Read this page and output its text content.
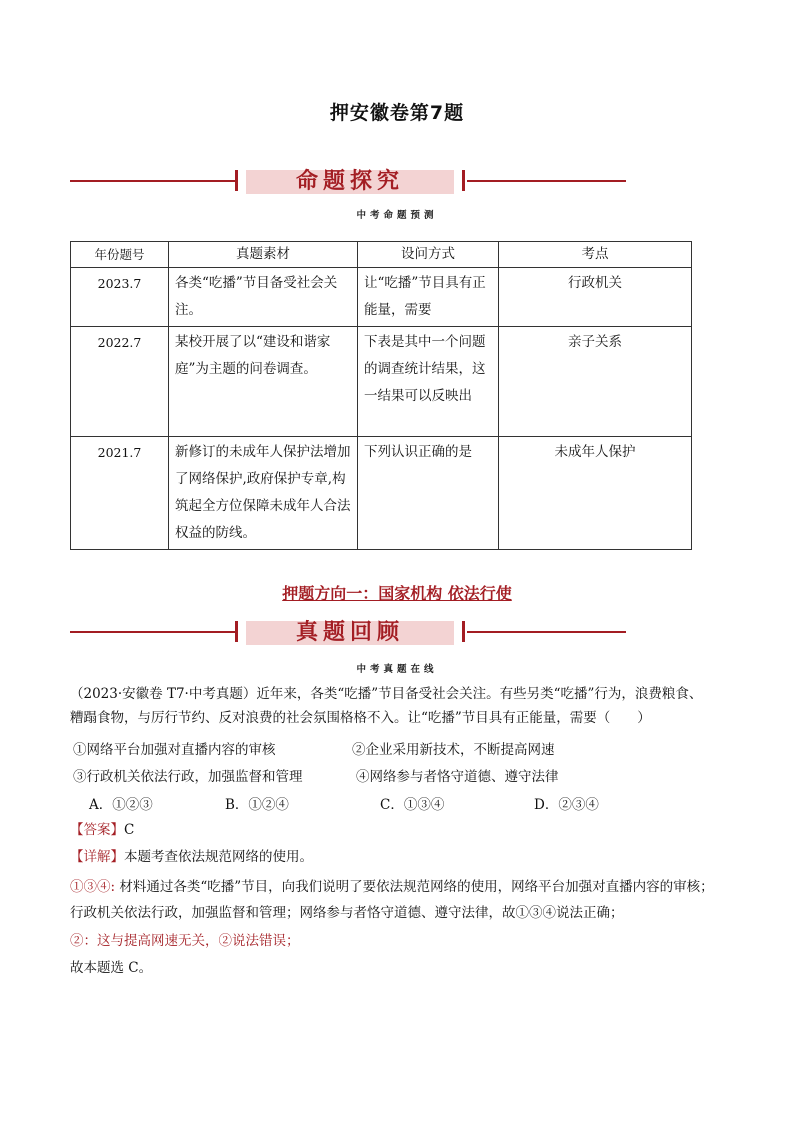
押安徽卷第7题
命题探究
中考命题预测
年份题号	真题素材	设问方式	考点
2023.7	各类“吃播”节目备受社会关注。	让“吃播”节目具有正能量，需要	行政机关
2022.7	某校开展了以“建设和谐家庭”为主题的问卷调查。	下表是其中一个问题的调查统计结果，这一结果可以反映出	亲子关系
2021.7	新修订的未成年人保护法增加了网络保护,政府保护专章,构筑起全方位保障未成年人合法权益的防线。	下列认识正确的是	未成年人保护
押题方向一：国家机构 依法行使
真题回顾
中考真题在线
（2023·安徽卷 T7·中考真题）近年来，各类“吃播”节目备受社会关注。有些另类“吃播”行为，浪费粮食、糟蹋食物，与厉行节约、反对浪费的社会氛围格格不入。让“吃播”节目具有正能量，需要（　　）
①网络平台加强对直播内容的审核	②企业采用新技术，不断提高网速
③行政机关依法行政，加强监督和管理	④网络参与者恪守道德、遵守法律
A．①②③	B．①②④	C．①③④	D．②③④
【答案】C
【详解】本题考查依法规范网络的使用。
①③④: 材料通过各类“吃播”节目，向我们说明了要依法规范网络的使用，网络平台加强对直播内容的审核；行政机关依法行政，加强监督和管理；网络参与者恪守道德、遵守法律，故①③④说法正确；
②：这与提高网速无关，②说法错误；
故本题选 C。
